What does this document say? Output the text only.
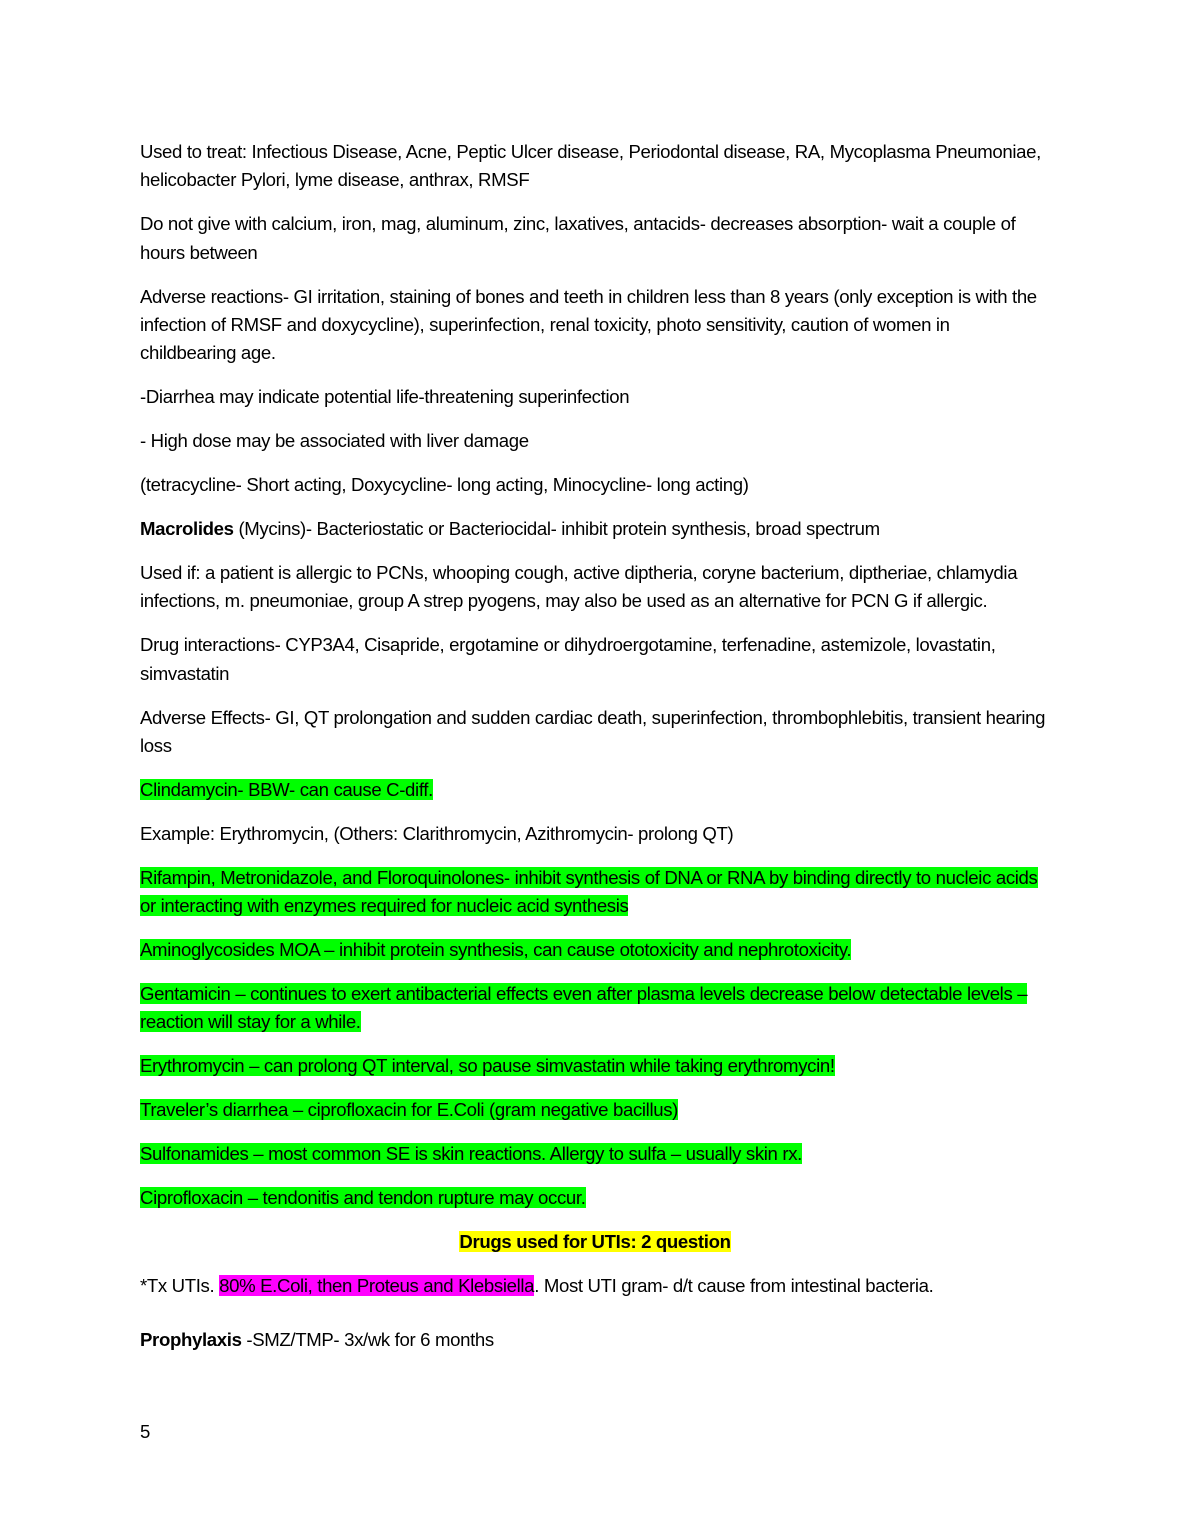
Used to treat: Infectious Disease, Acne, Peptic Ulcer disease, Periodontal disease, RA, Mycoplasma Pneumoniae, helicobacter Pylori, lyme disease, anthrax, RMSF

Do not give with calcium, iron, mag, aluminum, zinc, laxatives, antacids- decreases absorption- wait a couple of hours between

Adverse reactions- GI irritation, staining of bones and teeth in children less than 8 years (only exception is with the infection of RMSF and doxycycline), superinfection, renal toxicity, photo sensitivity, caution of women in childbearing age.

-Diarrhea may indicate potential life-threatening superinfection

- High dose may be associated with liver damage

(tetracycline- Short acting, Doxycycline- long acting, Minocycline- long acting)

Macrolides (Mycins)- Bacteriostatic or Bacteriocidal- inhibit protein synthesis, broad spectrum

Used if: a patient is allergic to PCNs, whooping cough, active diptheria, coryne bacterium, diptheriae, chlamydia infections, m. pneumoniae, group A strep pyogens, may also be used as an alternative for PCN G if allergic.

Drug interactions- CYP3A4, Cisapride, ergotamine or dihydroergotamine, terfenadine, astemizole, lovastatin, simvastatin

Adverse Effects- GI, QT prolongation and sudden cardiac death, superinfection, thrombophlebitis, transient hearing loss

Clindamycin- BBW- can cause C-diff.

Example: Erythromycin, (Others: Clarithromycin, Azithromycin- prolong QT)

Rifampin, Metronidazole, and Floroquinolones- inhibit synthesis of DNA or RNA by binding directly to nucleic acids or interacting with enzymes required for nucleic acid synthesis

Aminoglycosides MOA – inhibit protein synthesis, can cause ototoxicity and nephrotoxicity.

Gentamicin – continues to exert antibacterial effects even after plasma levels decrease below detectable levels – reaction will stay for a while.

Erythromycin – can prolong QT interval, so pause simvastatin while taking erythromycin!

Traveler’s diarrhea – ciprofloxacin for E.Coli (gram negative bacillus)

Sulfonamides – most common SE is skin reactions. Allergy to sulfa – usually skin rx.

Ciprofloxacin – tendonitis and tendon rupture may occur.

Drugs used for UTIs: 2 question

*Tx UTIs. 80% E.Coli, then Proteus and Klebsiella. Most UTI gram- d/t cause from intestinal bacteria.

Prophylaxis -SMZ/TMP- 3x/wk for 6 months

5
